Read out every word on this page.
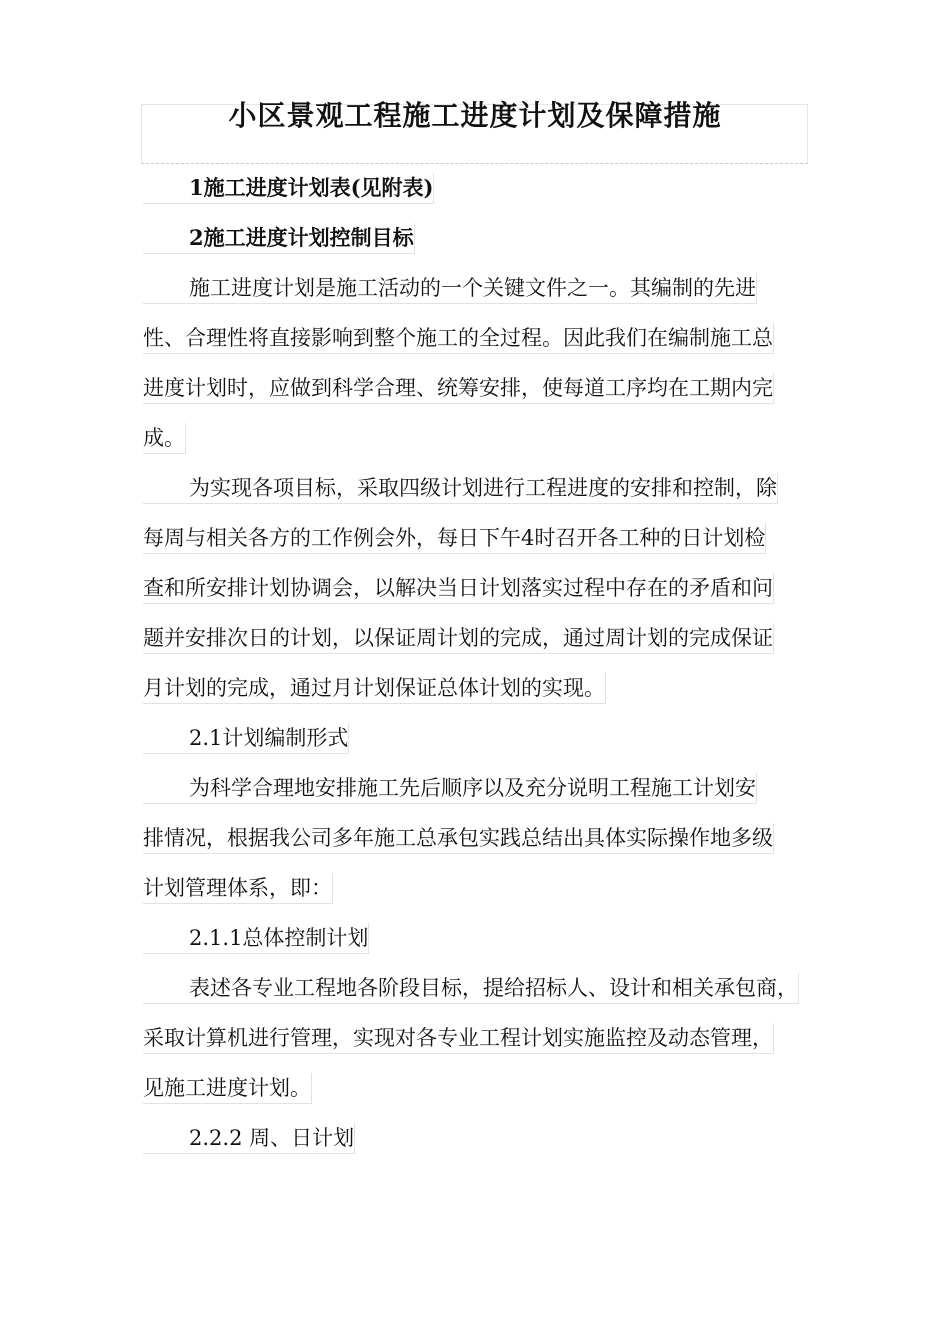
小区景观工程施工进度计划及保障措施
1施工进度计划表(见附表)
2施工进度计划控制目标
施工进度计划是施工活动的一个关键文件之一。其编制的先进
性、合理性将直接影响到整个施工的全过程。因此我们在编制施工总
进度计划时，应做到科学合理、统筹安排，使每道工序均在工期内完
成。
为实现各项目标，采取四级计划进行工程进度的安排和控制，除
每周与相关各方的工作例会外，每日下午4时召开各工种的日计划检
查和所安排计划协调会，以解决当日计划落实过程中存在的矛盾和问
题并安排次日的计划，以保证周计划的完成，通过周计划的完成保证
月计划的完成，通过月计划保证总体计划的实现。
2.1计划编制形式
为科学合理地安排施工先后顺序以及充分说明工程施工计划安
排情况，根据我公司多年施工总承包实践总结出具体实际操作地多级
计划管理体系，即：
2.1.1总体控制计划
表述各专业工程地各阶段目标，提给招标人、设计和相关承包商，
采取计算机进行管理，实现对各专业工程计划实施监控及动态管理，
见施工进度计划。
2.2.2 周、日计划
